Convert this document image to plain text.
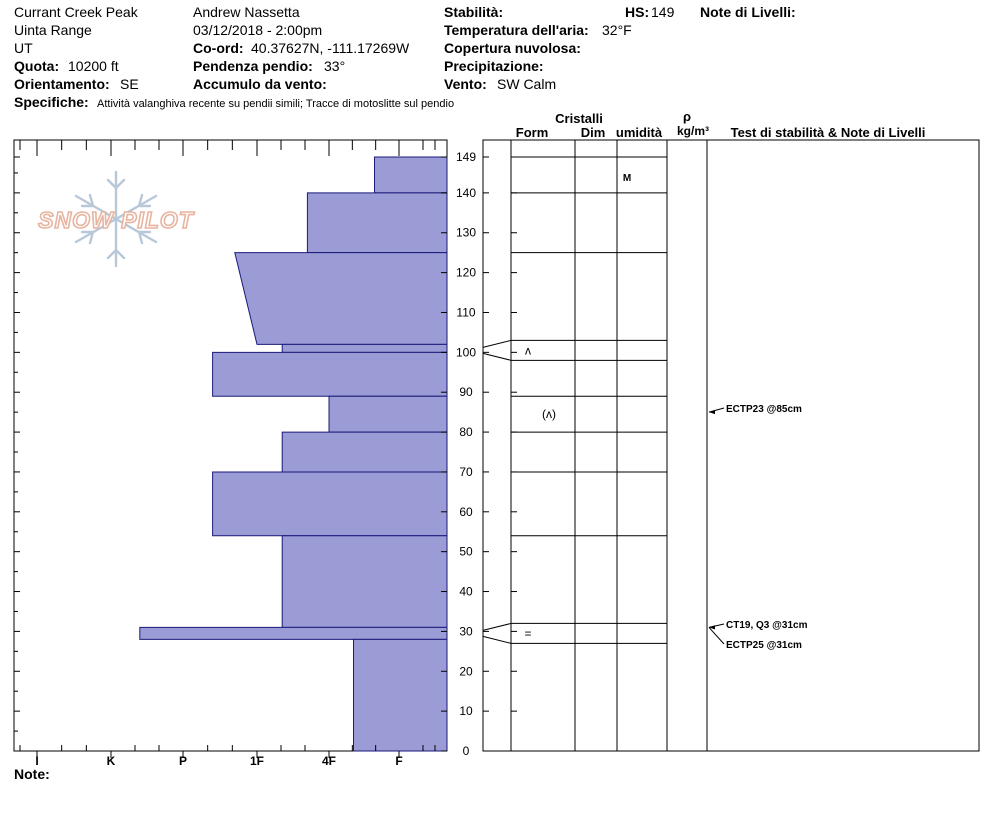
Currant Creek Peak
Uinta Range
UT
Quota: 10200 ft
Orientamento: SE
Andrew Nassetta
03/12/2018 - 2:00pm
Co-ord: 40.37627N, -111.17269W
Pendenza pendio: 33°
Accumulo da vento:
Stabilità:
Temperatura dell'aria: 32°F
Copertura nuvolosa:
Precipitazione:
Vento: SW Calm
HS: 149 Note di Livelli:
Specifiche: Attività valanghiva recente su pendii simili; Tracce di motoslitte sul pendio
Cristalli
Form Dim umidità
ρ
kg/m³ Test di stabilità & Note di Livelli
SNOW PILOT
0
10
20
30
40
50
60
70
80
90
100
110
120
130
140
149
I	K	P	1F	4F	F
ʌ
(ʌ)
=
M
ECTP23 @85cm
CT19, Q3 @31cm
ECTP25 @31cm
Note:
